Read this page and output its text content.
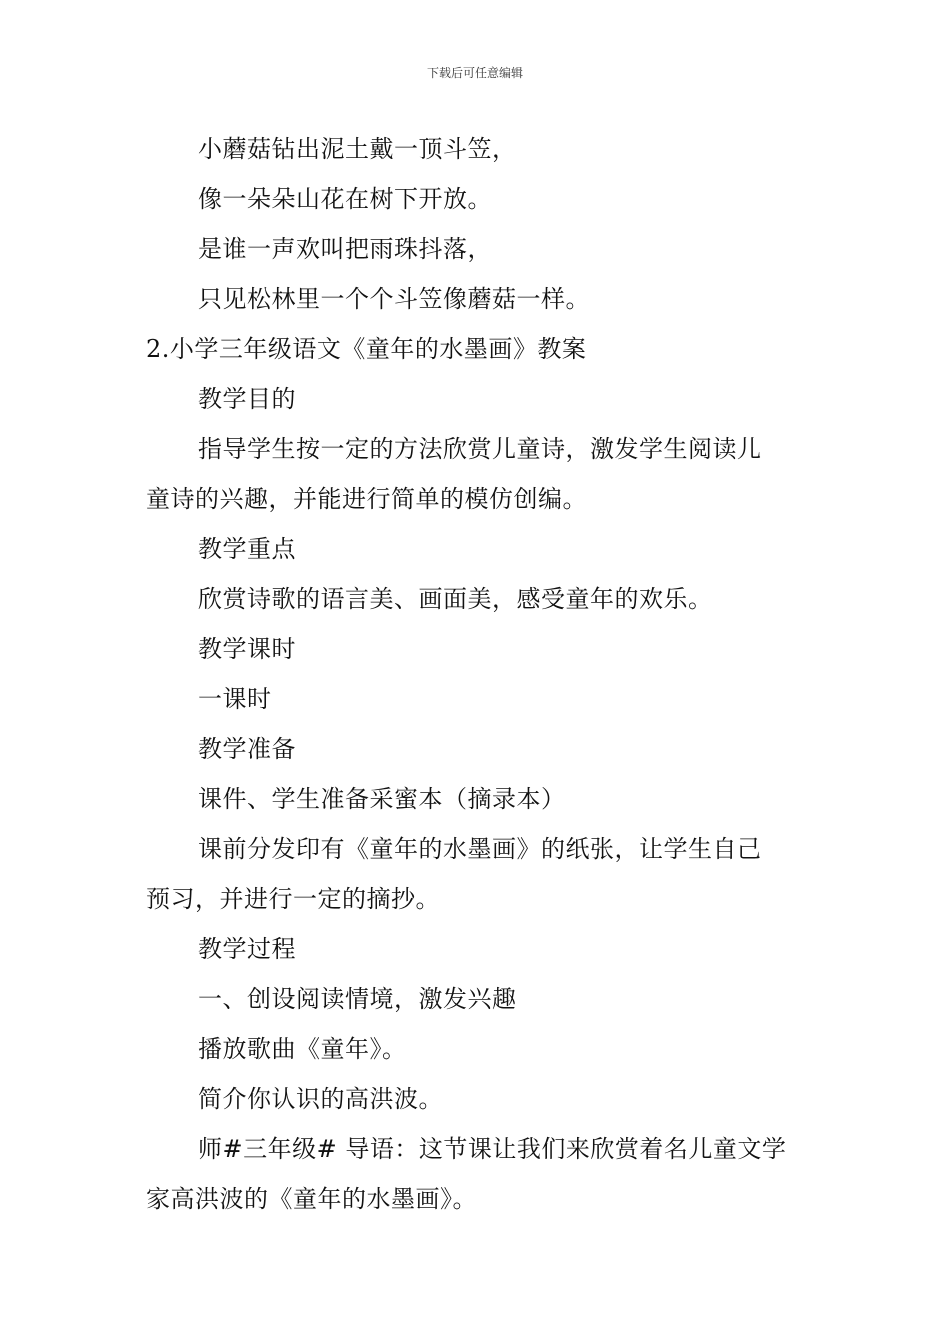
下载后可任意编辑
小蘑菇钻出泥土戴一顶斗笠，
像一朵朵山花在树下开放。
是谁一声欢叫把雨珠抖落，
只见松林里一个个斗笠像蘑菇一样。
2.小学三年级语文《童年的水墨画》教案
教学目的
指导学生按一定的方法欣赏儿童诗，激发学生阅读儿
童诗的兴趣，并能进行简单的模仿创编。
教学重点
欣赏诗歌的语言美、画面美，感受童年的欢乐。
教学课时
一课时
教学准备
课件、学生准备采蜜本（摘录本）
课前分发印有《童年的水墨画》的纸张，让学生自己
预习，并进行一定的摘抄。
教学过程
一、创设阅读情境，激发兴趣
播放歌曲《童年》。
简介你认识的高洪波。
师#三年级# 导语：这节课让我们来欣赏着名儿童文学
家高洪波的《童年的水墨画》。
